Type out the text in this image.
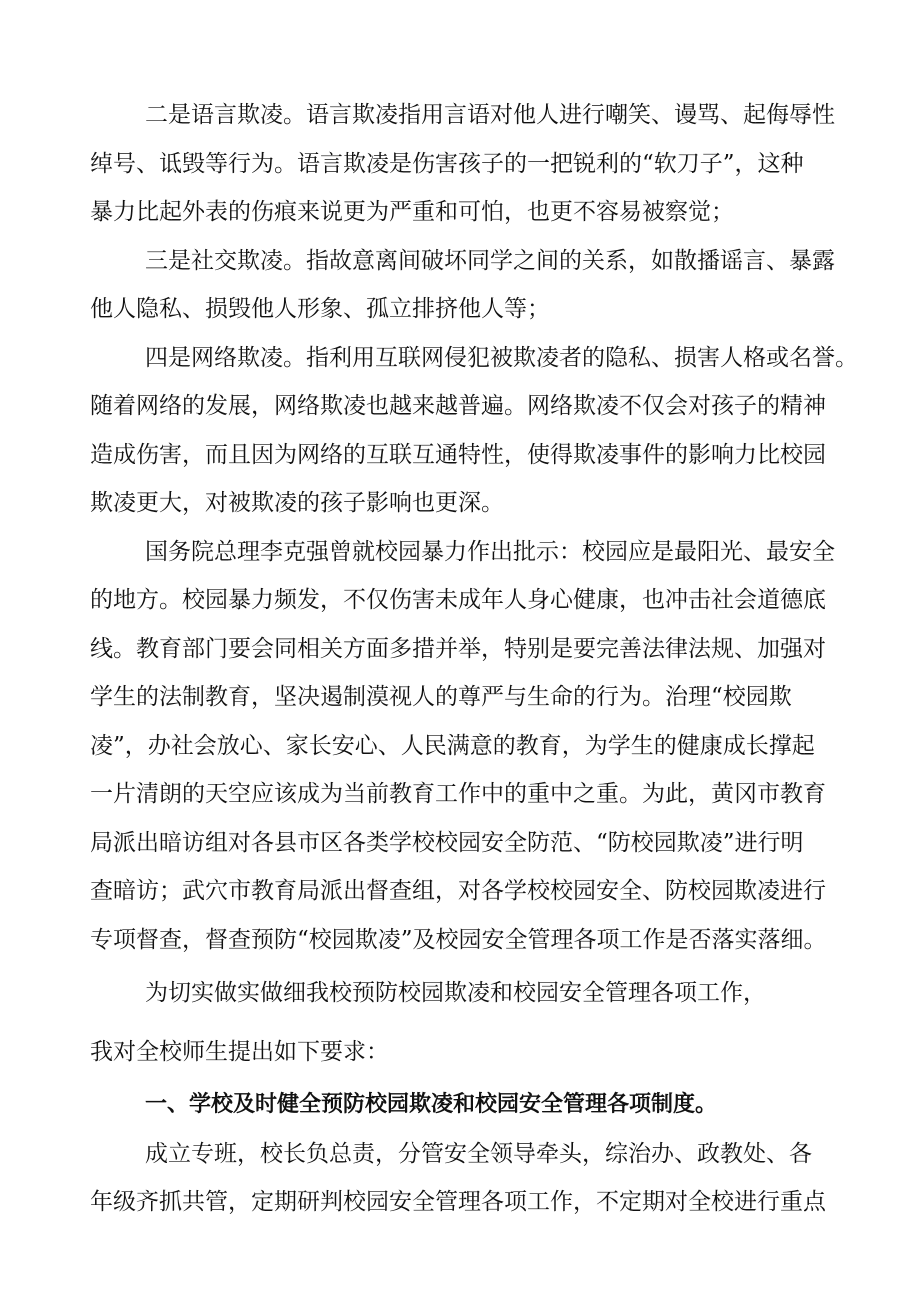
二是语言欺凌。语言欺凌指用言语对他人进行嘲笑、谩骂、起侮辱性
绰号、诋毁等行为。语言欺凌是伤害孩子的一把锐利的“软刀子”，这种
暴力比起外表的伤痕来说更为严重和可怕，也更不容易被察觉；
三是社交欺凌。指故意离间破坏同学之间的关系，如散播谣言、暴露
他人隐私、损毁他人形象、孤立排挤他人等；
四是网络欺凌。指利用互联网侵犯被欺凌者的隐私、损害人格或名誉。
随着网络的发展，网络欺凌也越来越普遍。网络欺凌不仅会对孩子的精神
造成伤害，而且因为网络的互联互通特性，使得欺凌事件的影响力比校园
欺凌更大，对被欺凌的孩子影响也更深。
国务院总理李克强曾就校园暴力作出批示：校园应是最阳光、最安全
的地方。校园暴力频发，不仅伤害未成年人身心健康，也冲击社会道德底
线。教育部门要会同相关方面多措并举，特别是要完善法律法规、加强对
学生的法制教育，坚决遏制漠视人的尊严与生命的行为。治理“校园欺
凌”，办社会放心、家长安心、人民满意的教育，为学生的健康成长撑起
一片清朗的天空应该成为当前教育工作中的重中之重。为此，黄冈市教育
局派出暗访组对各县市区各类学校校园安全防范、“防校园欺凌”进行明
查暗访；武穴市教育局派出督查组，对各学校校园安全、防校园欺凌进行
专项督查，督查预防“校园欺凌”及校园安全管理各项工作是否落实落细。
为切实做实做细我校预防校园欺凌和校园安全管理各项工作，
我对全校师生提出如下要求：
一、学校及时健全预防校园欺凌和校园安全管理各项制度。
成立专班，校长负总责，分管安全领导牵头，综治办、政教处、各
年级齐抓共管，定期研判校园安全管理各项工作，不定期对全校进行重点
